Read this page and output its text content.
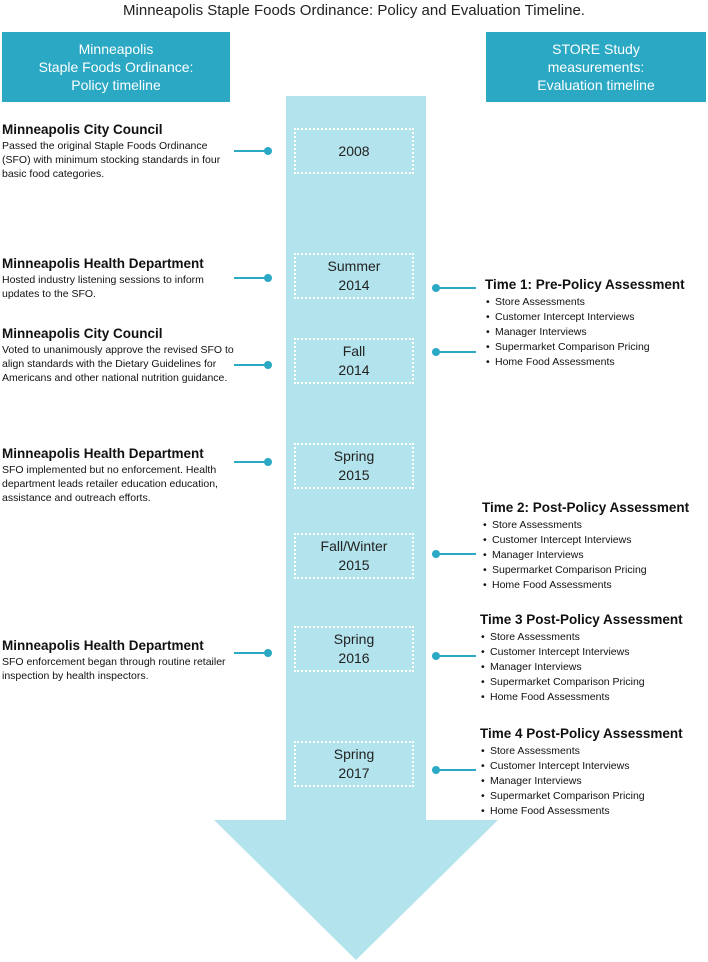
Minneapolis Staple Foods Ordinance: Policy and Evaluation Timeline.
Minneapolis
Staple Foods Ordinance:
Policy timeline
STORE Study
measurements:
Evaluation timeline
2008
Summer
2014
Fall
2014
Spring
2015
Fall/Winter
2015
Spring
2016
Spring
2017
Minneapolis City Council
Passed the original Staple Foods Ordinance (SFO) with minimum stocking standards in four basic food categories.
Minneapolis Health Department
Hosted industry listening sessions to inform updates to the SFO.
Minneapolis City Council
Voted to unanimously approve the revised SFO to align standards with the Dietary Guidelines for Americans and other national nutrition guidance.
Minneapolis Health Department
SFO implemented but no enforcement. Health department leads retailer education education, assistance and outreach efforts.
Minneapolis Health Department
SFO enforcement began through routine retailer inspection by health inspectors.
Time 1: Pre-Policy Assessment
• Store Assessments
• Customer Intercept Interviews
• Manager Interviews
• Supermarket Comparison Pricing
• Home Food Assessments
Time 2: Post-Policy Assessment
• Store Assessments
• Customer Intercept Interviews
• Manager Interviews
• Supermarket Comparison Pricing
• Home Food Assessments
Time 3 Post-Policy Assessment
• Store Assessments
• Customer Intercept Interviews
• Manager Interviews
• Supermarket Comparison Pricing
• Home Food Assessments
Time 4 Post-Policy Assessment
• Store Assessments
• Customer Intercept Interviews
• Manager Interviews
• Supermarket Comparison Pricing
• Home Food Assessments
